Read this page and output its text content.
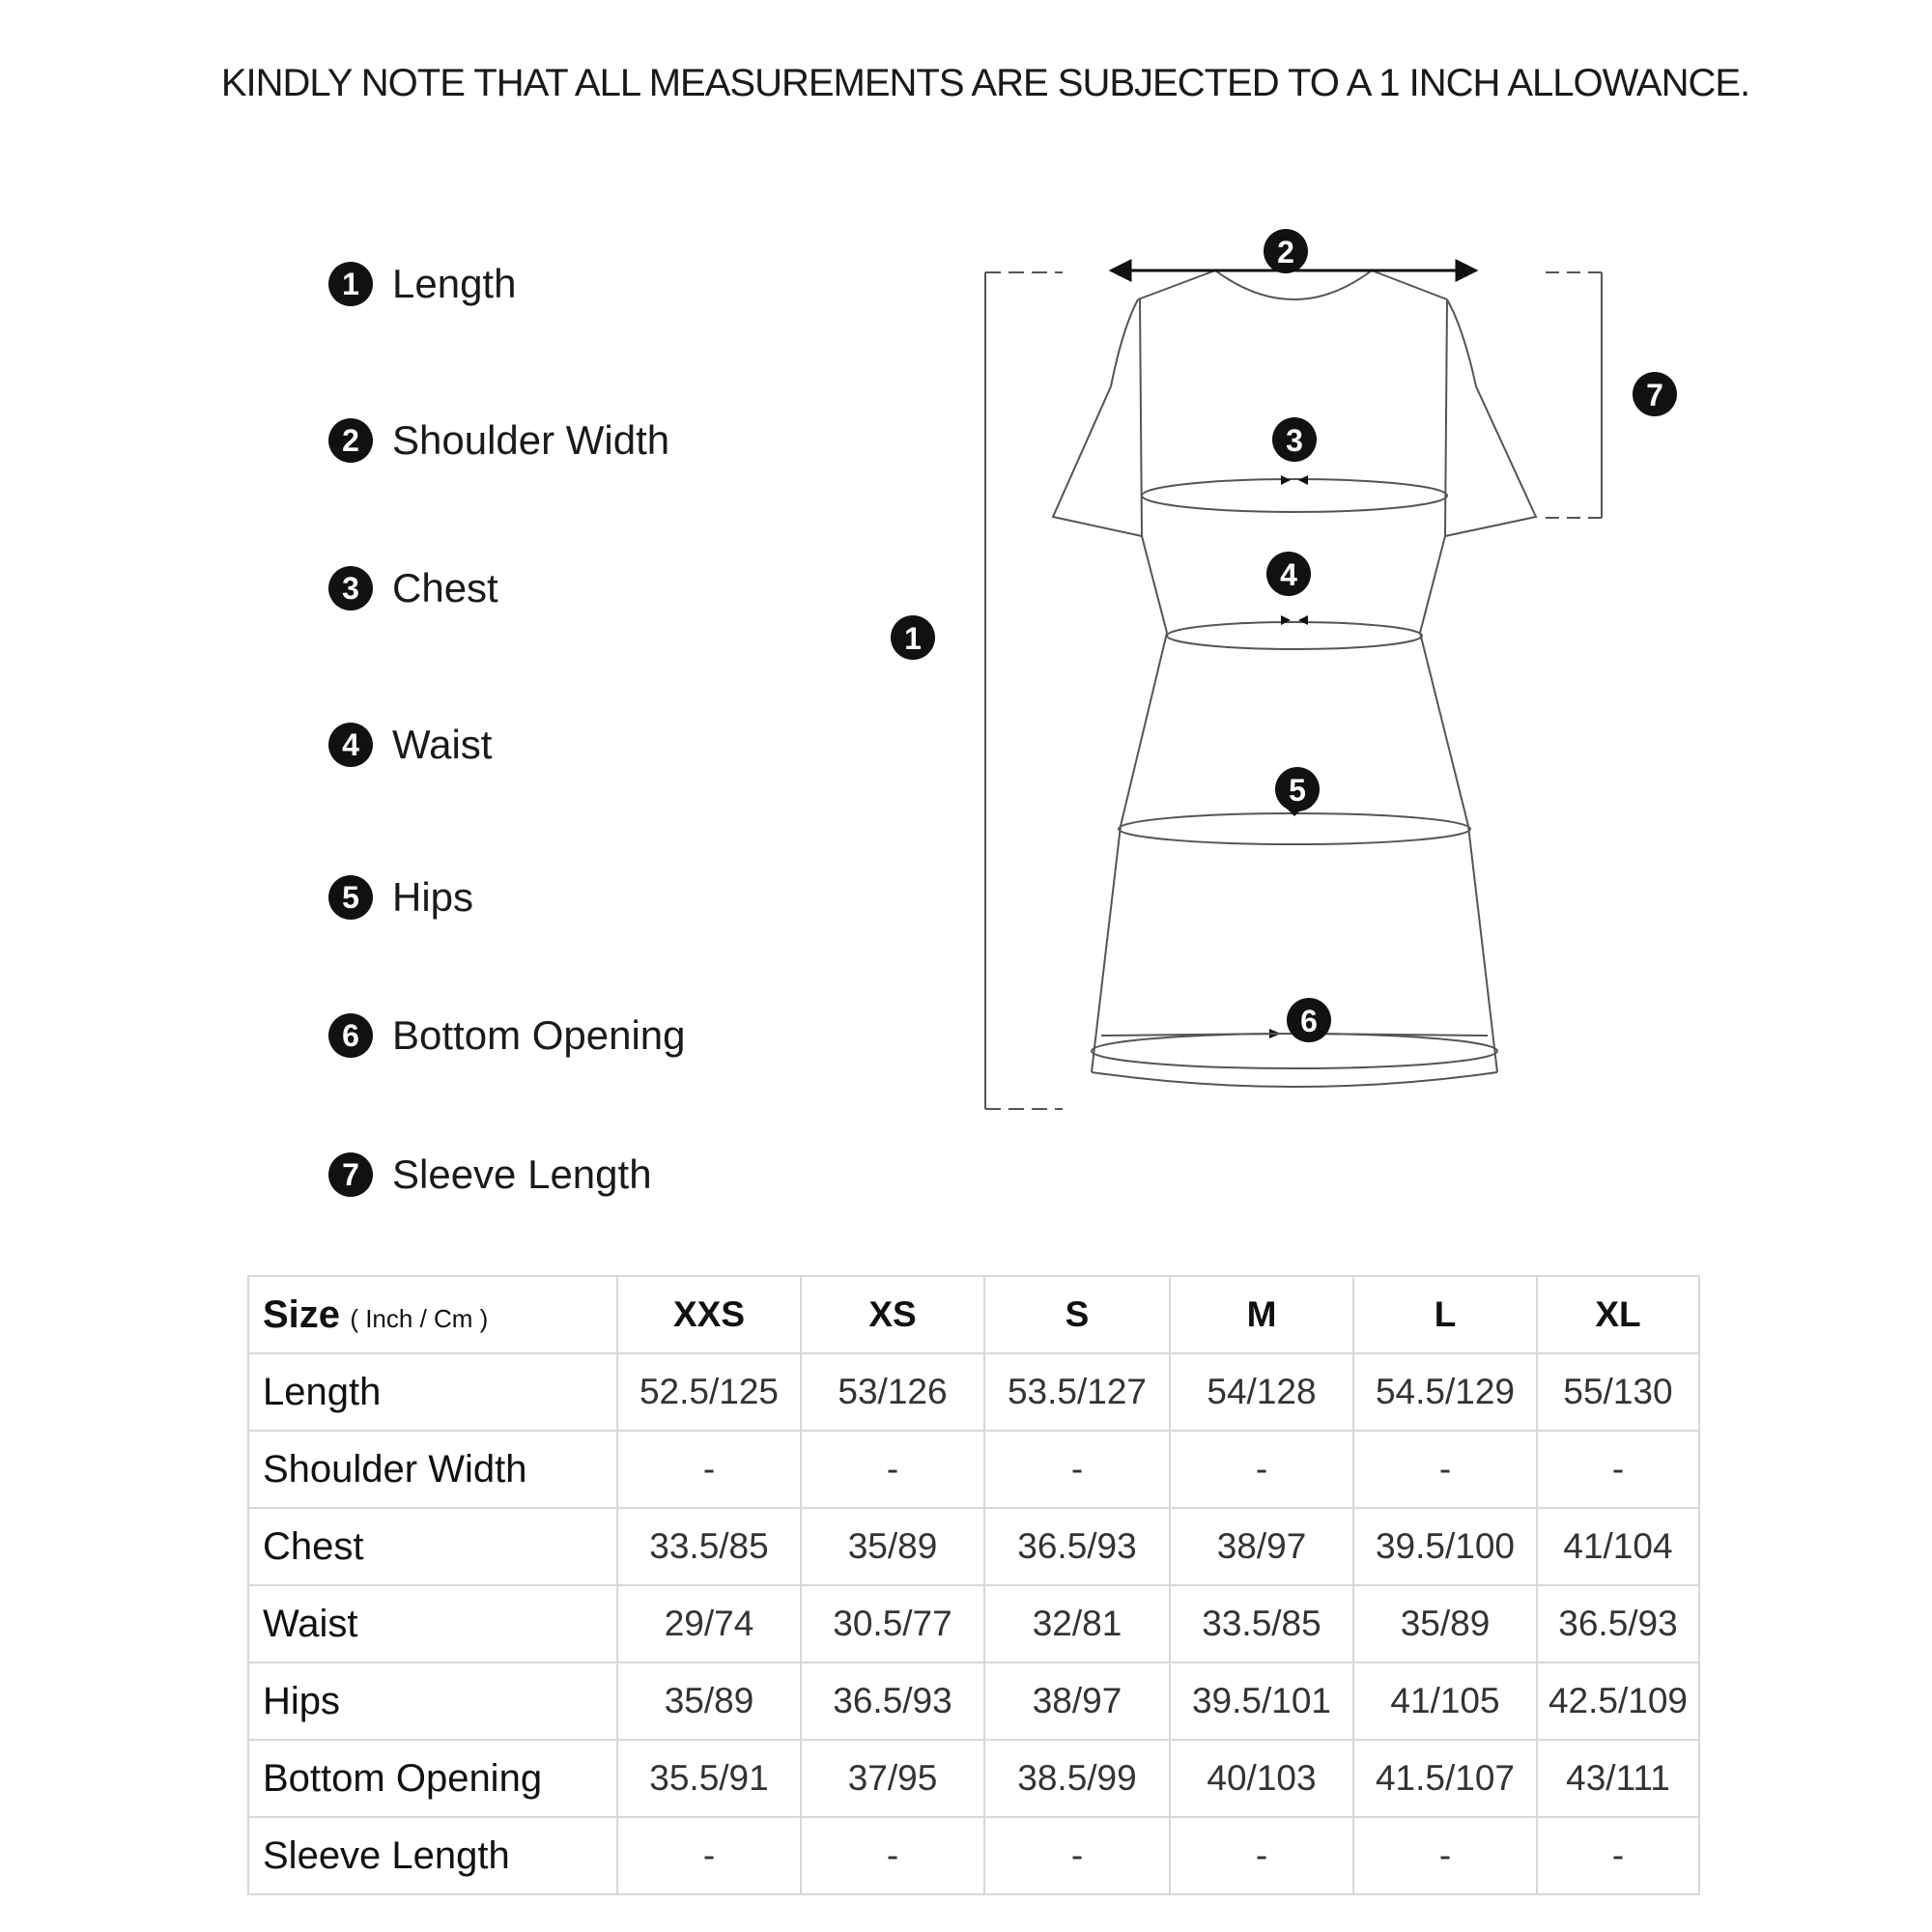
KINDLY NOTE THAT ALL MEASUREMENTS ARE SUBJECTED TO A 1 INCH ALLOWANCE.
1 Length
2 Shoulder Width
3 Chest
4 Waist
5 Hips
6 Bottom Opening
7 Sleeve Length
1
2
3
4
5
6
7
Size ( Inch / Cm )	XXS	XS	S	M	L	XL
Length	52.5/125	53/126	53.5/127	54/128	54.5/129	55/130
Shoulder Width	-	-	-	-	-	-
Chest	33.5/85	35/89	36.5/93	38/97	39.5/100	41/104
Waist	29/74	30.5/77	32/81	33.5/85	35/89	36.5/93
Hips	35/89	36.5/93	38/97	39.5/101	41/105	42.5/109
Bottom Opening	35.5/91	37/95	38.5/99	40/103	41.5/107	43/111
Sleeve Length	-	-	-	-	-	-
